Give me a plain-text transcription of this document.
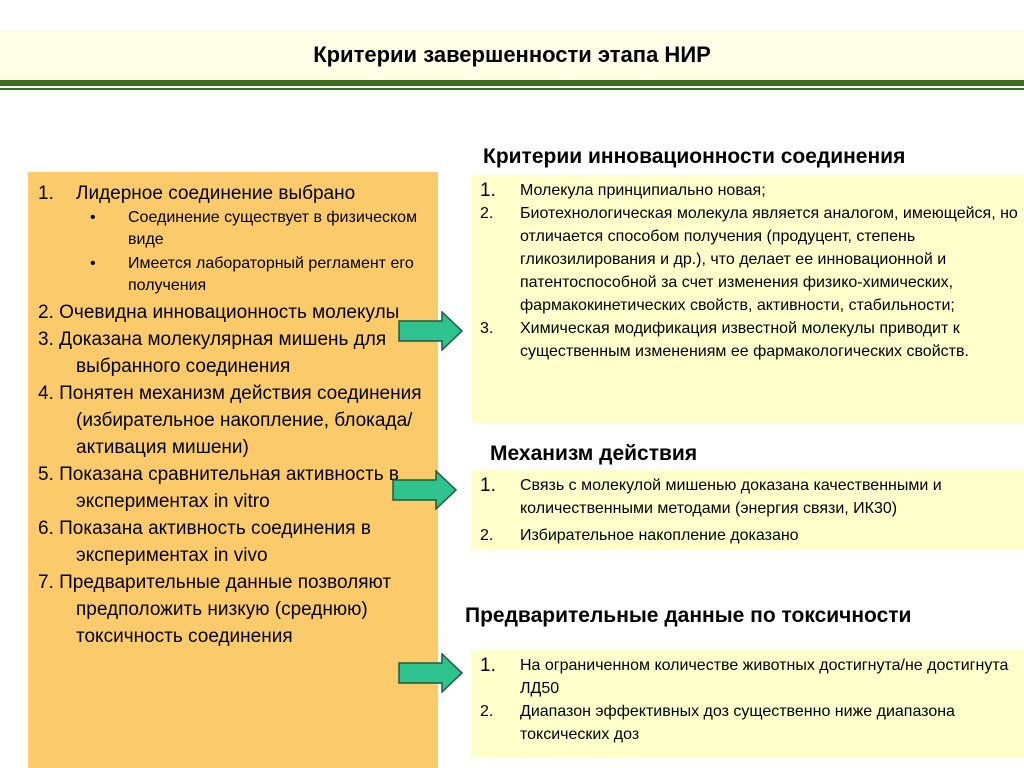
Критерии завершенности этапа НИР
1. Лидерное соединение выбрано
• Соединение существует в физическом виде
• Имеется лабораторный регламент его получения
2. Очевидна инновационность молекулы
3. Доказана молекулярная мишень для выбранного соединения
4. Понятен механизм действия соединения (избирательное накопление, блокада/активация мишени)
5. Показана сравнительная активность в экспериментах in vitro
6. Показана активность соединения в экспериментах in vivo
7. Предварительные данные позволяют предположить низкую (среднюю) токсичность соединения
Критерии инновационности соединения
1. Молекула принципиально новая;
2. Биотехнологическая молекула является аналогом, имеющейся, но отличается способом получения (продуцент, степень гликозилирования и др.), что делает ее инновационной и патентоспособной за счет изменения физико-химических, фармакокинетических свойств, активности, стабильности;
3. Химическая модификация известной молекулы приводит к существенным изменениям ее фармакологических свойств.
Механизм действия
1. Связь с молекулой мишенью доказана качественными и количественными методами (энергия связи, ИК30)
2. Избирательное накопление доказано
Предварительные данные по токсичности
1. На ограниченном количестве животных достигнута/не достигнута ЛД50
2. Диапазон эффективных доз существенно ниже диапазона токсических доз
